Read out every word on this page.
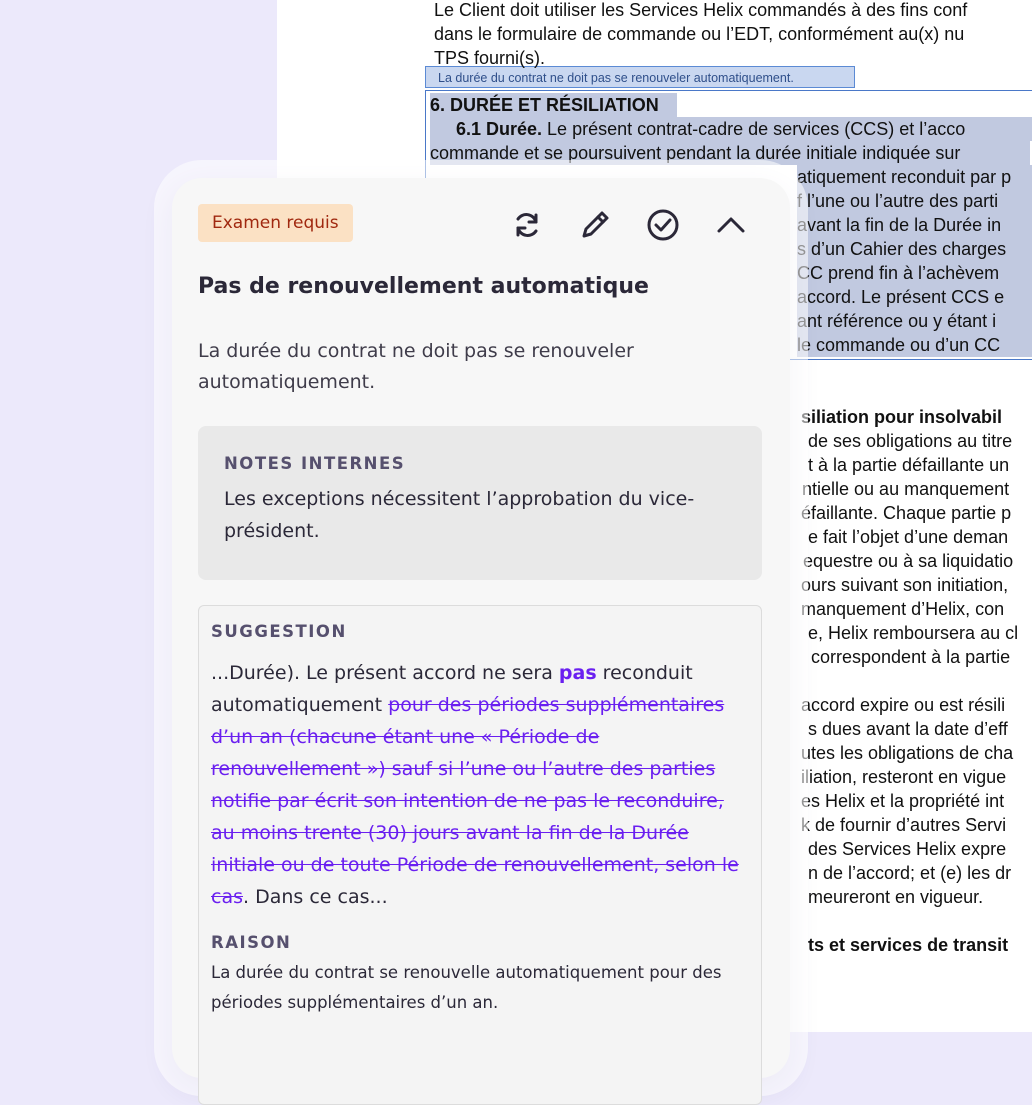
La durée du contrat ne doit pas se renouveler automatiquement.
Le Client doit utiliser les Services Helix commandés à des fins conf
dans le formulaire de commande ou l’EDT, conformément au(x) nu
TPS fourni(s).
6. DURÉE ET RÉSILIATION
6.1 Durée. Le présent contrat-cadre de services (CCS) et l’acco
commande et se poursuivent pendant la durée initiale indiquée sur
atiquement reconduit par p
f l’une ou l’autre des parti
avant la fin de la Durée in
s d’un Cahier des charges
CC prend fin à l’achèvem
accord. Le présent CCS e
ant référence ou y étant i
le commande ou d’un CC
siliation pour insolvabil
de ses obligations au titre
t à la partie défaillante un
ntielle ou au manquement
éfaillante. Chaque partie p
e fait l’objet d’une deman
equestre ou à sa liquidatio
ours suivant son initiation,
manquement d’Helix, con
e, Helix remboursera au cl
correspondent à la partie
accord expire ou est résili
s dues avant la date d’eff
utes les obligations de cha
iliation, resteront en vigue
es Helix et la propriété int
k de fournir d’autres Servi
des Services Helix expre
n de l’accord; et (e) les dr
meureront en vigueur.
ts et services de transit
Examen requis
Pas de renouvellement automatique
La durée du contrat ne doit pas se renouveler automatiquement.
NOTES INTERNES
Les exceptions nécessitent l’approbation du vice-président.
SUGGESTION
...Durée). Le présent accord ne sera pas reconduit automatiquement pour des périodes supplémentaires d’un an (chacune étant une « Période de renouvellement ») sauf si l’une ou l’autre des parties notifie par écrit son intention de ne pas le reconduire, au moins trente (30) jours avant la fin de la Durée initiale ou de toute Période de renouvellement, selon le cas. Dans ce cas...
RAISON
La durée du contrat se renouvelle automatiquement pour des périodes supplémentaires d’un an.
